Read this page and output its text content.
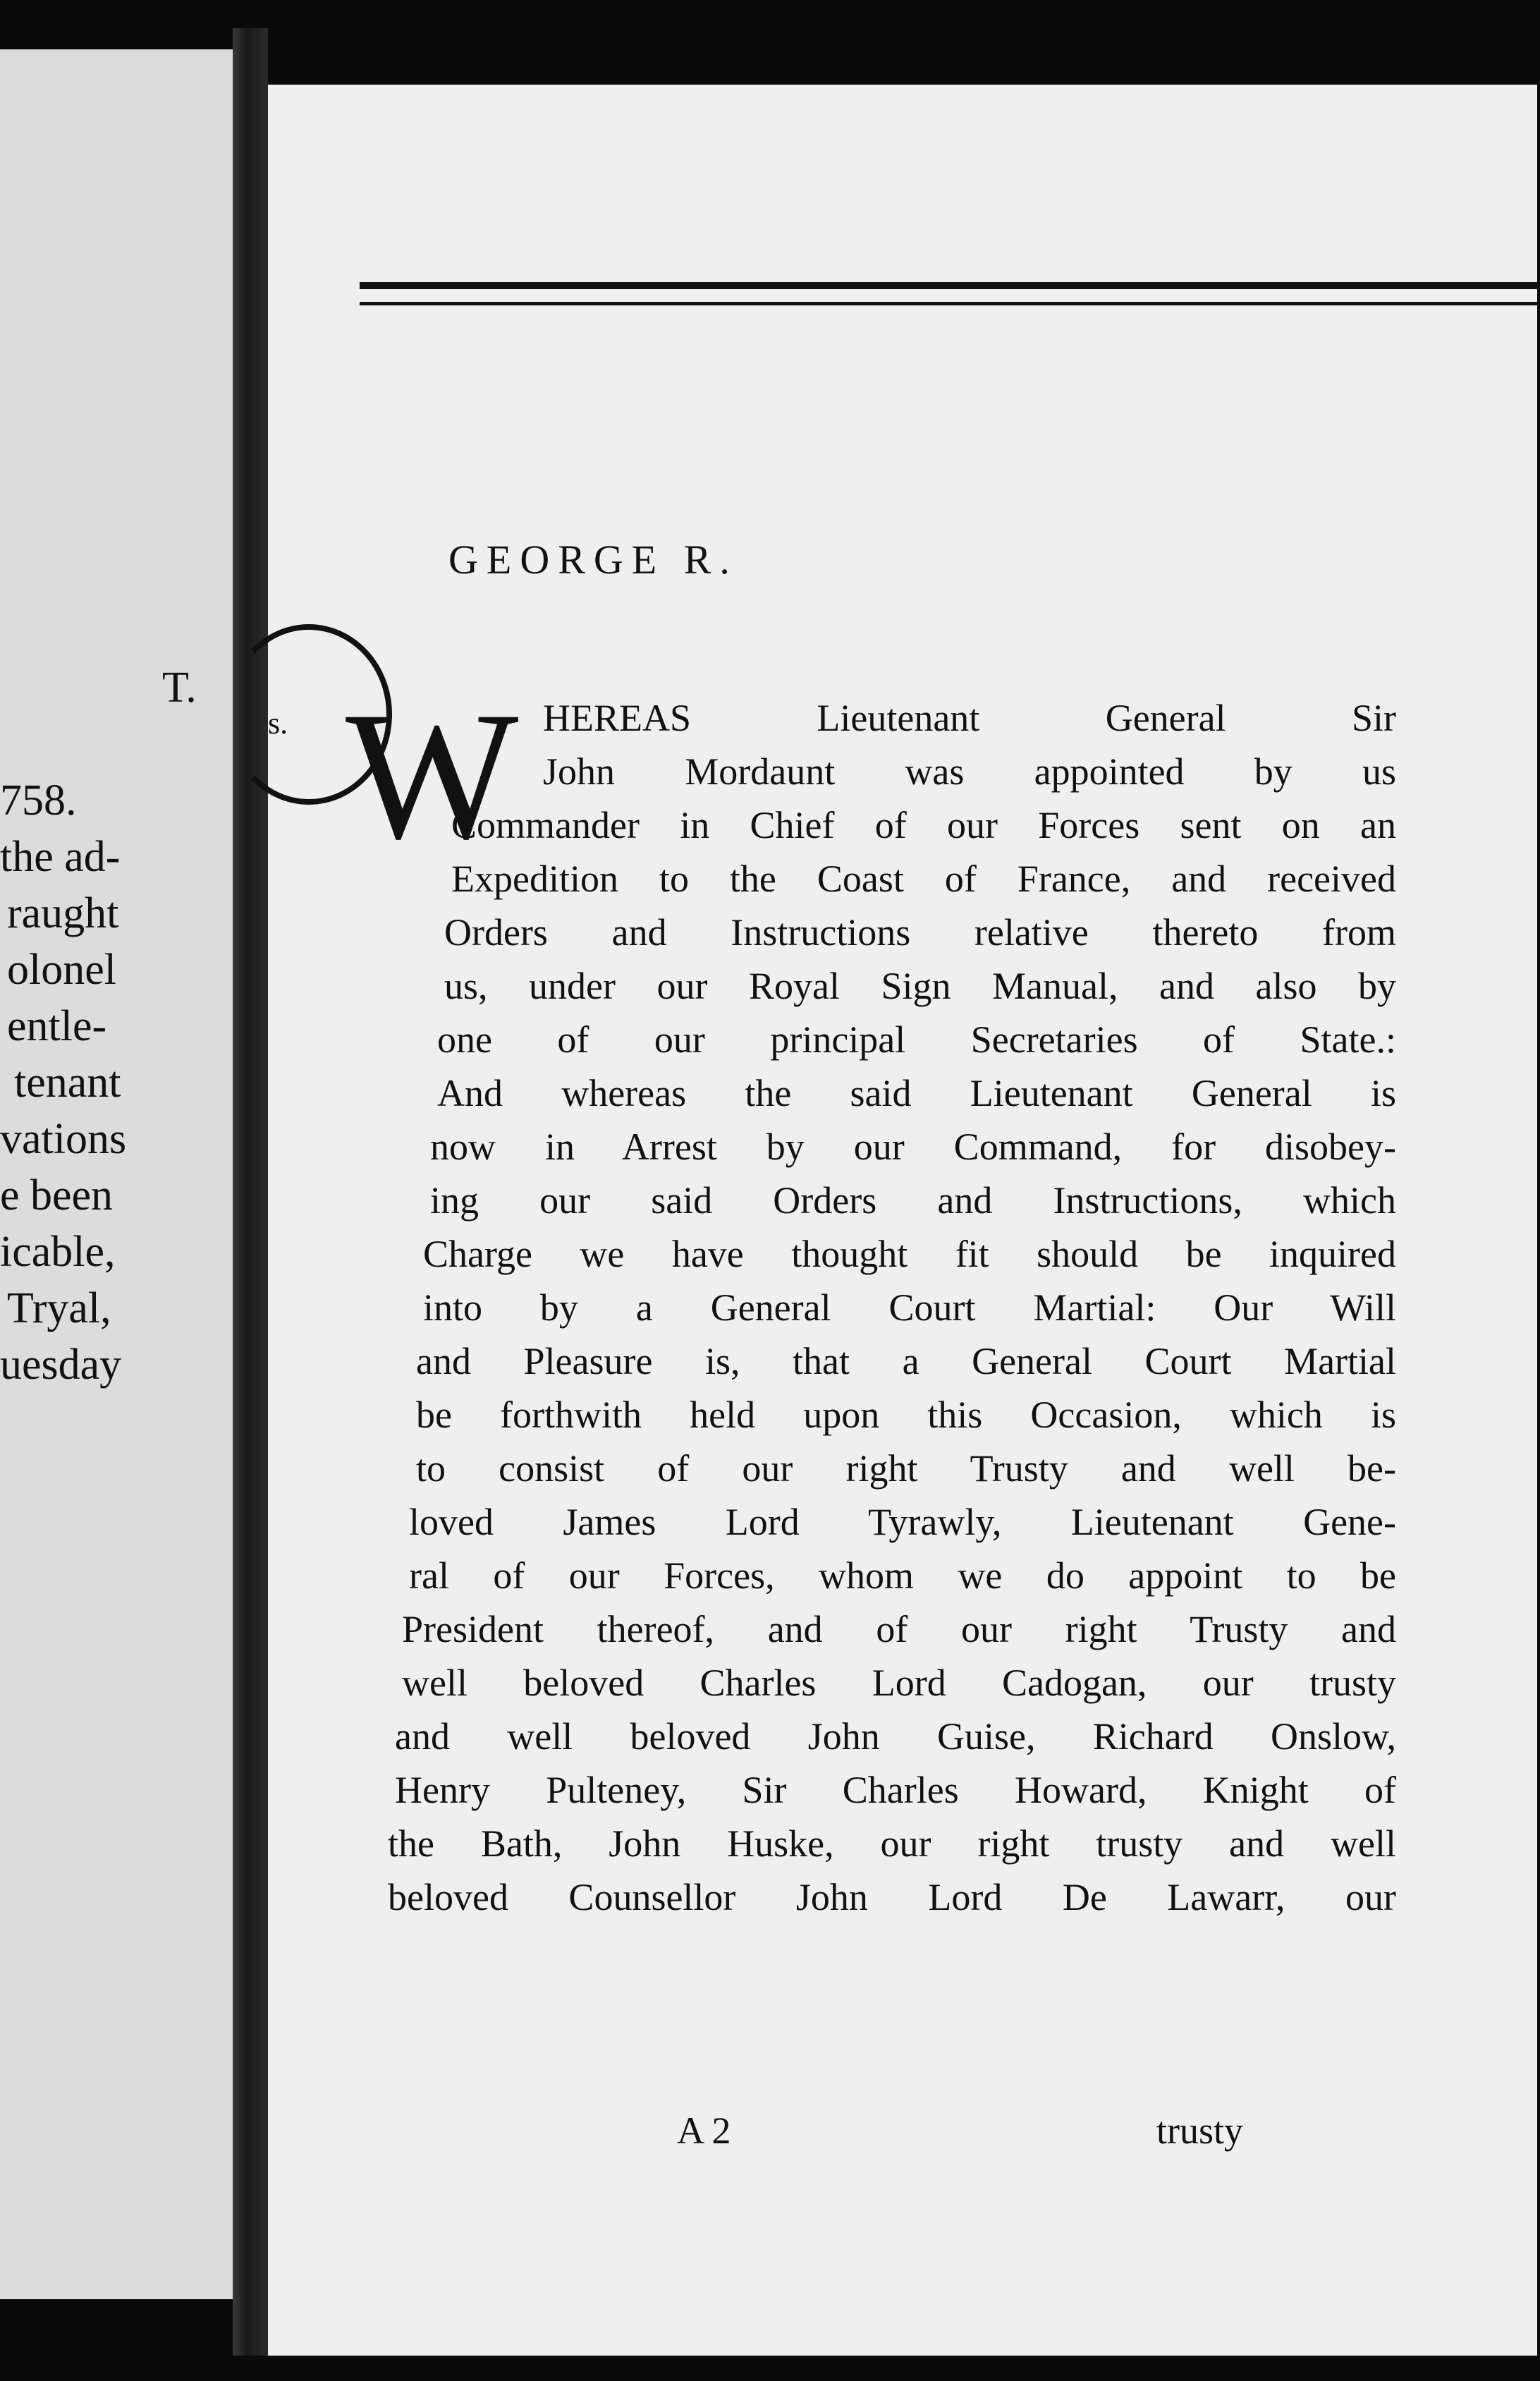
T.
758.
the ad-
raught
olonel
entle-
tenant
vations
e been
icable,
Tryal,
uesday

GEORGE R.
s. W HEREAS Lieutenant General Sir
John Mordaunt was appointed by us
Commander in Chief of our Forces sent on an
Expedition to the Coast of France, and received
Orders and Instructions relative thereto from
us, under our Royal Sign Manual, and also by
one of our principal Secretaries of State.:
And whereas the said Lieutenant General is
now in Arrest by our Command, for disobey-
ing our said Orders and Instructions, which
Charge we have thought fit should be inquired
into by a General Court Martial: Our Will
and Pleasure is, that a General Court Martial
be forthwith held upon this Occasion, which is
to consist of our right Trusty and well be-
loved James Lord Tyrawly, Lieutenant Gene-
ral of our Forces, whom we do appoint to be
President thereof, and of our right Trusty and
well beloved Charles Lord Cadogan, our trusty
and well beloved John Guise, Richard Onslow,
Henry Pulteney, Sir Charles Howard, Knight of
the Bath, John Huske, our right trusty and well
beloved Counsellor John Lord De Lawarr, our
A 2	trusty
